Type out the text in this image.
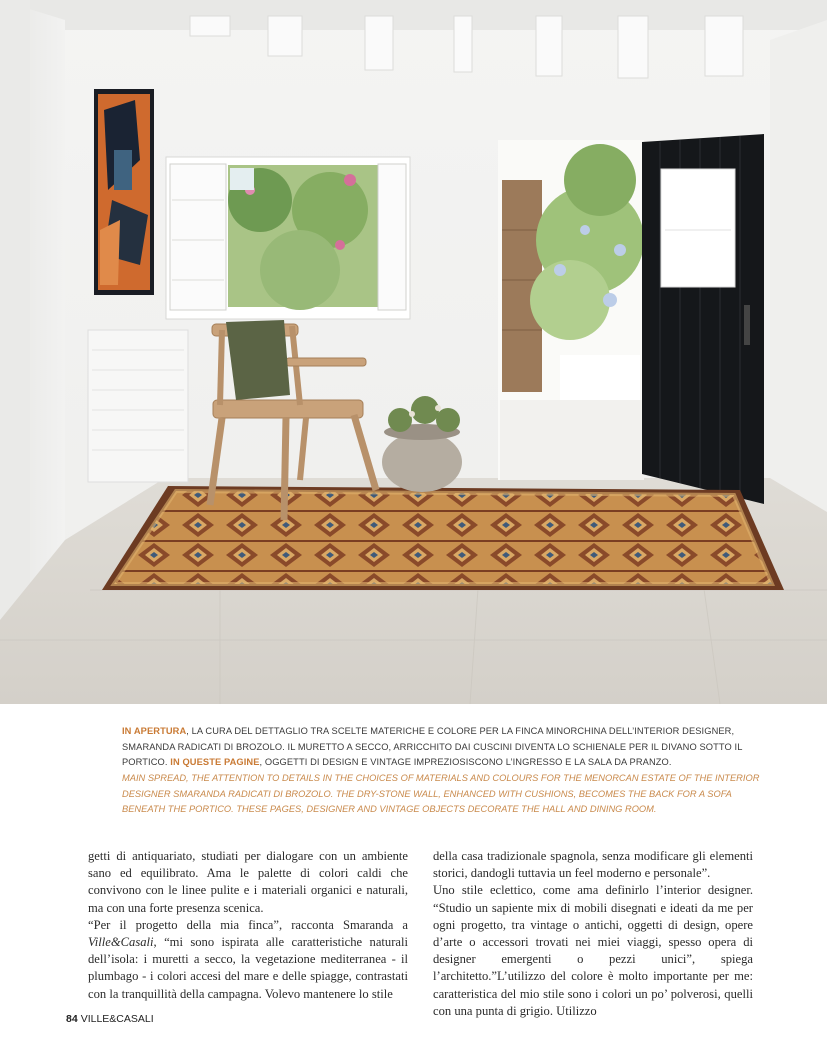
IN APERTURA, LA CURA DEL DETTAGLIO TRA SCELTE MATERICHE E COLORE PER LA FINCA MINORCHINA DELL’INTERIOR DESIGNER, SMARANDA RADICATI DI BROZOLO. IL MURETTO A SECCO, ARRICCHITO DAI CUSCINI DIVENTA LO SCHIENALE PER IL DIVANO SOTTO IL PORTICO. IN QUESTE PAGINE, OGGETTI DI DESIGN E VINTAGE IMPREZIOSISCONO L’INGRESSO E LA SALA DA PRANZO.
MAIN SPREAD, THE ATTENTION TO DETAILS IN THE CHOICES OF MATERIALS AND COLOURS FOR THE MENORCAN ESTATE OF THE INTERIOR DESIGNER SMARANDA RADICATI DI BROZOLO. THE DRY-STONE WALL, ENHANCED WITH CUSHIONS, BECOMES THE BACK FOR A SOFA BENEATH THE PORTICO. THESE PAGES, DESIGNER AND VINTAGE OBJECTS DECORATE THE HALL AND DINING ROOM.

getti di antiquariato, studiati per dialogare con un ambiente sano ed equilibrato. Ama le palette di colori caldi che convivono con le linee pulite e i materiali organici e naturali, ma con una forte presenza scenica.

“Per il progetto della mia finca”, racconta Smaranda a Ville&Casali, “mi sono ispirata alle caratteristiche naturali dell’isola: i muretti a secco, la vegetazione mediterranea - il plumbago - i colori accesi del mare e delle spiagge, contrastati con la tranquillità della campagna. Volevo mantenere lo stile

della casa tradizionale spagnola, senza modificare gli elementi storici, dandogli tuttavia un feel moderno e personale”.

Uno stile eclettico, come ama definirlo l’interior designer. “Studio un sapiente mix di mobili disegnati e ideati da me per ogni progetto, tra vintage o antichi, oggetti di design, opere d’arte o accessori trovati nei miei viaggi, spesso opera di designer emergenti o pezzi unici”, spiega l’architetto.”L’utilizzo del colore è molto importante per me: caratteristica del mio stile sono i colori un po’ polverosi, quelli con una punta di grigio. Utilizzo

84 VILLE&CASALI
